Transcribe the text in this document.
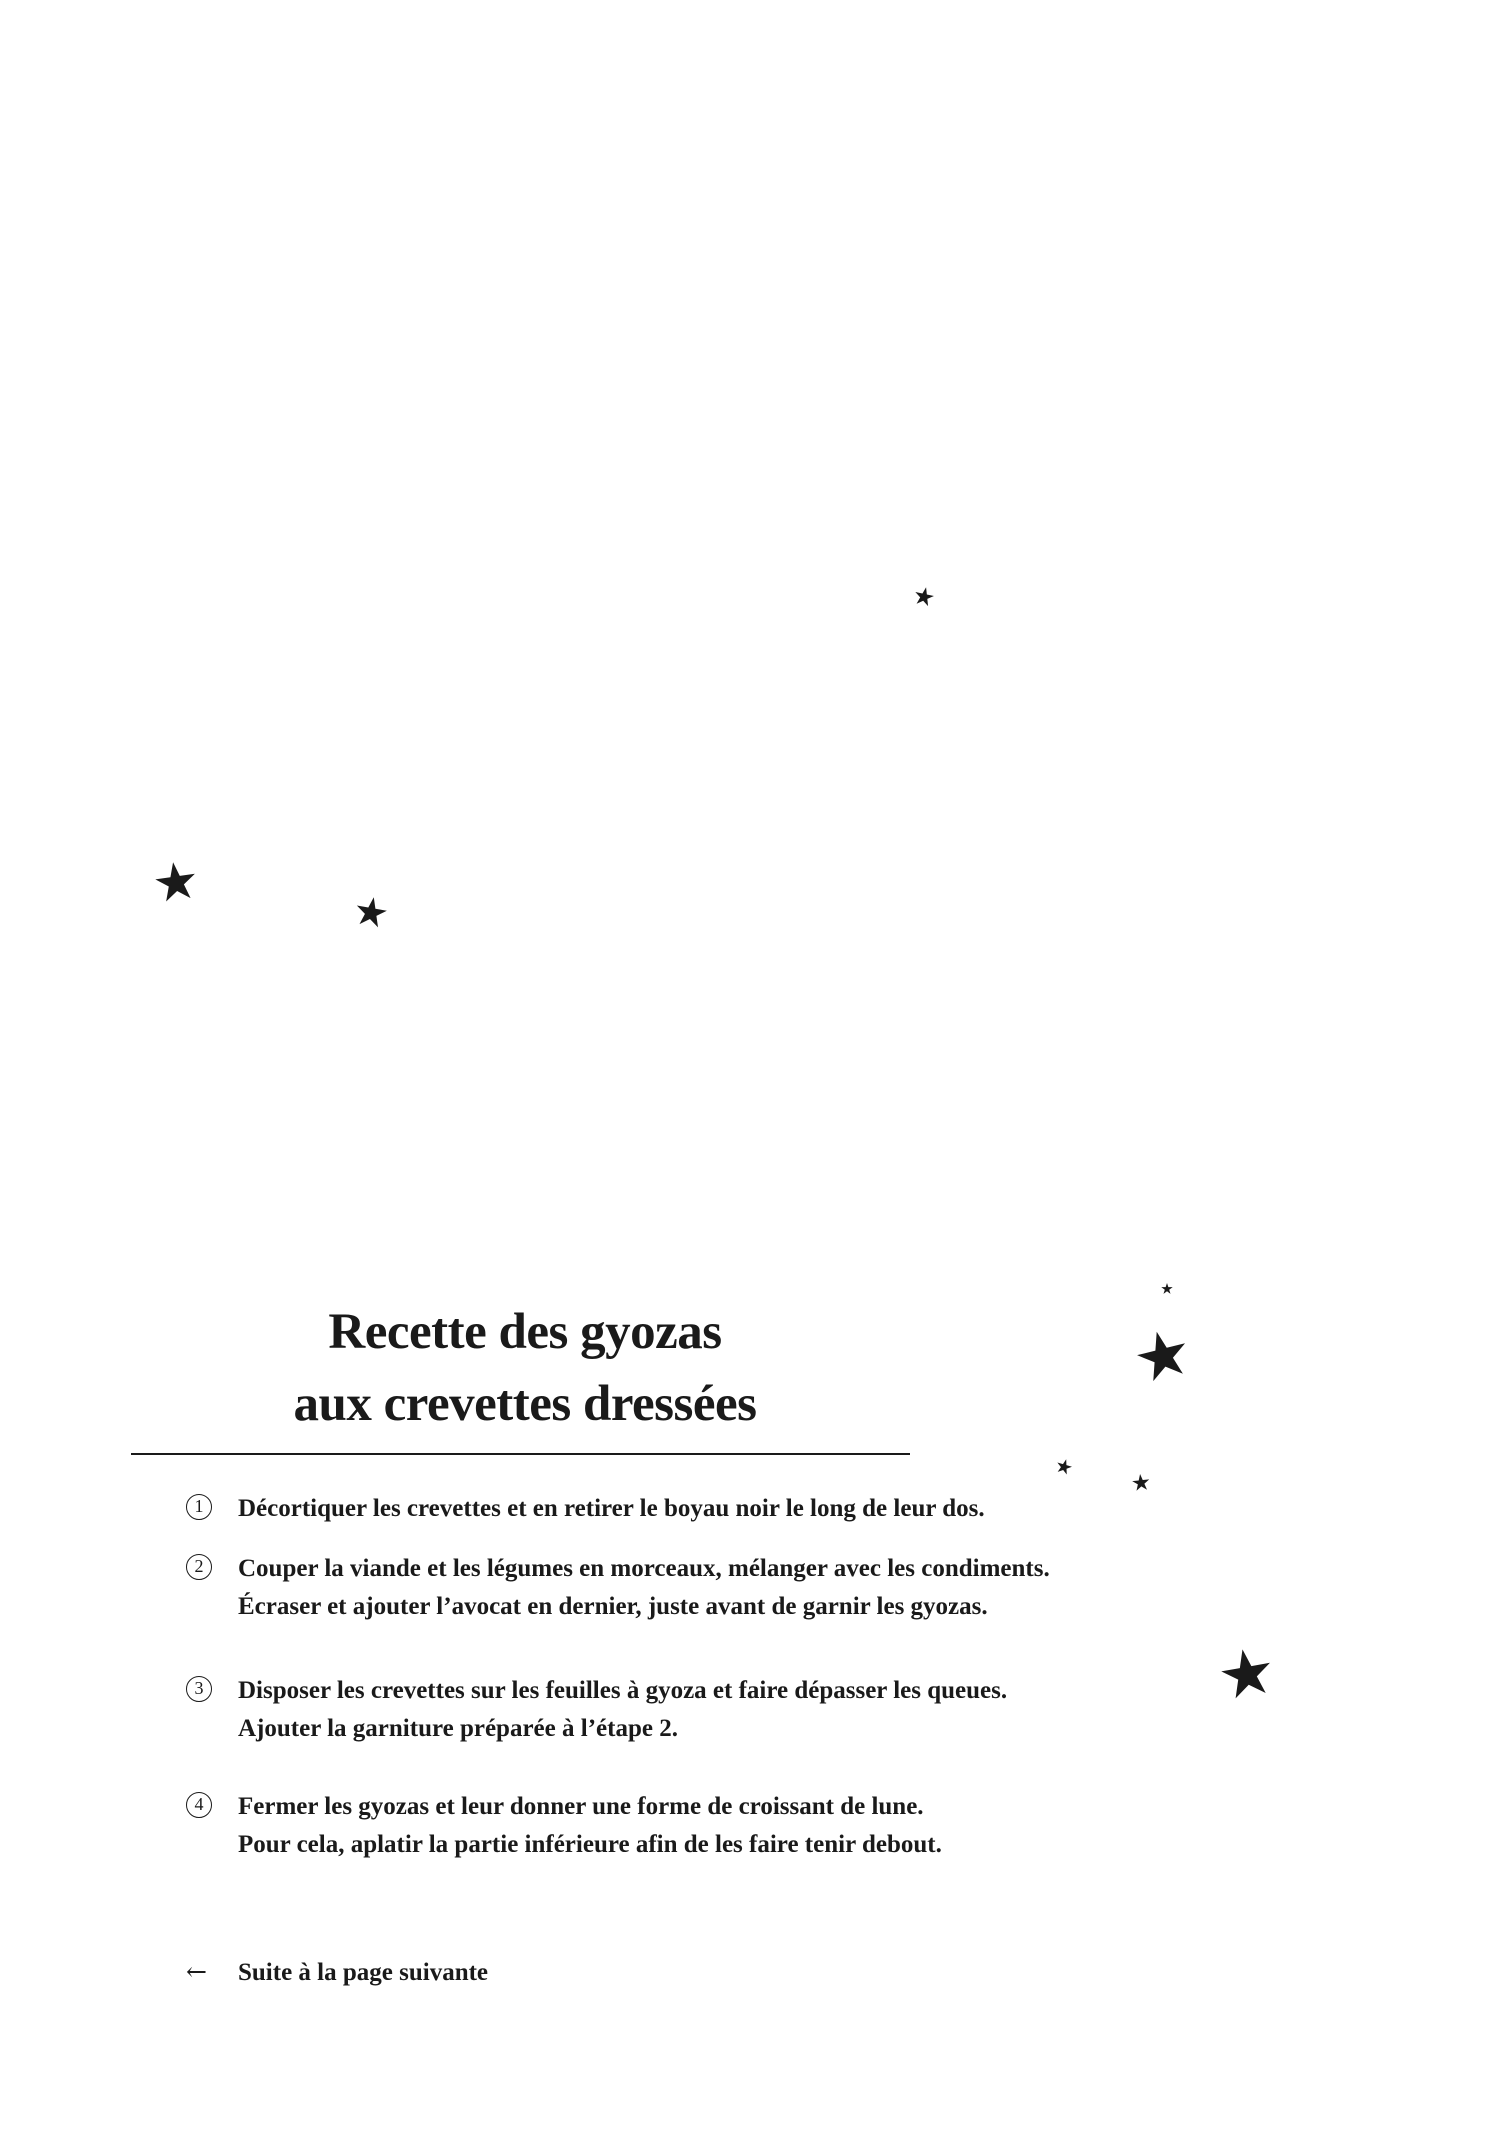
Recette des gyozas
aux crevettes dressées
1	Décortiquer les crevettes et en retirer le boyau noir le long de leur dos.
2	Couper la viande et les légumes en morceaux, mélanger avec les condiments.
Écraser et ajouter l’avocat en dernier, juste avant de garnir les gyozas.
3	Disposer les crevettes sur les feuilles à gyoza et faire dépasser les queues.
Ajouter la garniture préparée à l’étape 2.
4	Fermer les gyozas et leur donner une forme de croissant de lune.
Pour cela, aplatir la partie inférieure afin de les faire tenir debout.
← Suite à la page suivante
